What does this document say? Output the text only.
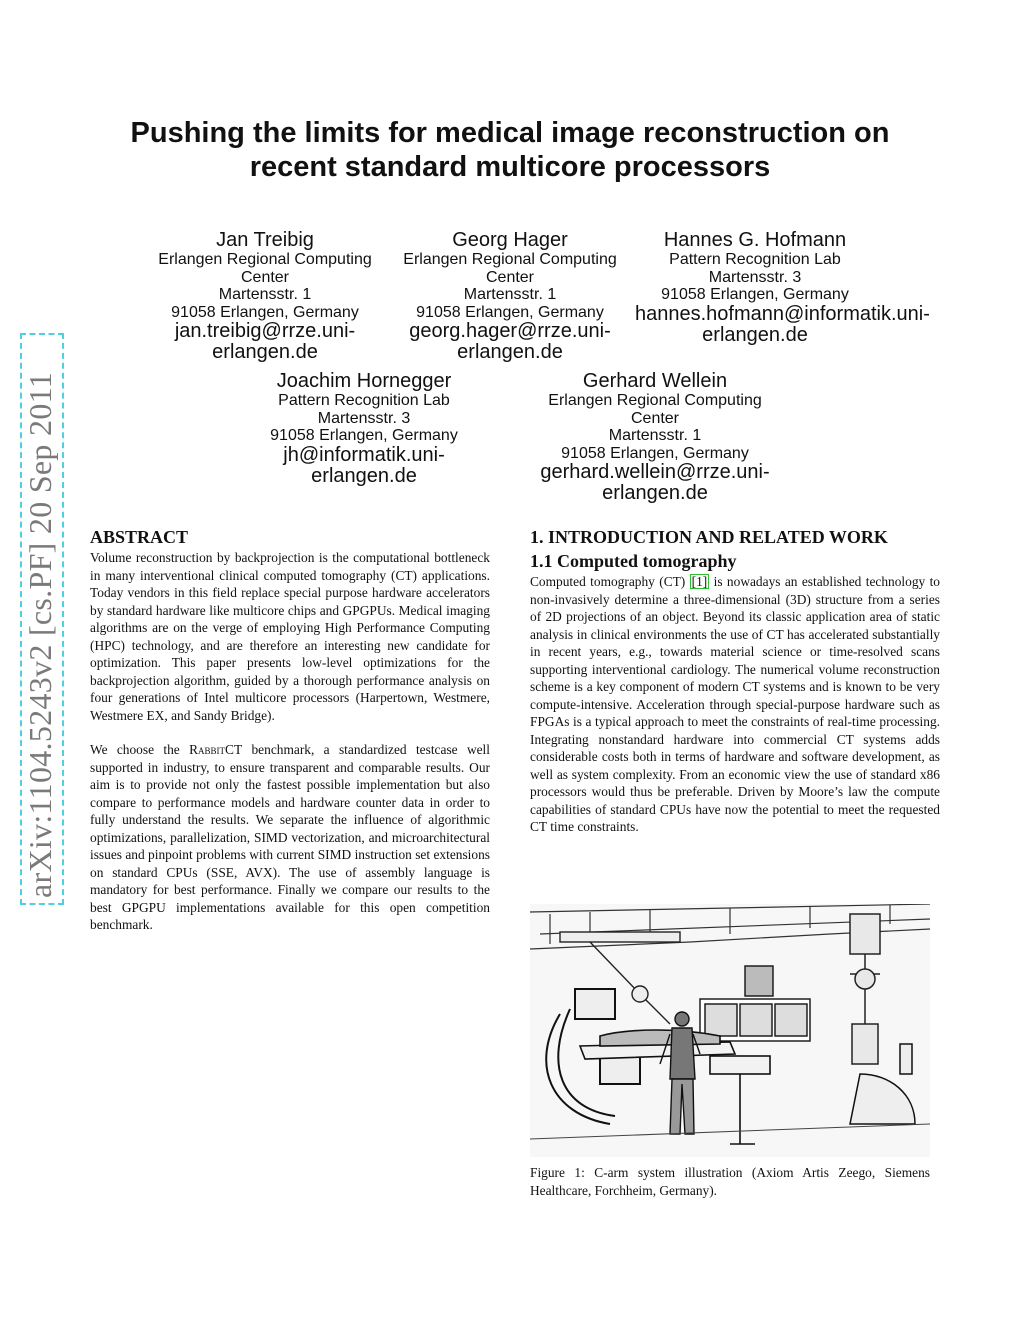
arXiv:1104.5243v2 [cs.PF] 20 Sep 2011
Pushing the limits for medical image reconstruction on
recent standard multicore processors
Jan Treibig
Erlangen Regional Computing
Center
Martensstr. 1
91058 Erlangen, Germany
jan.treibig@rrze.uni-
erlangen.de
Georg Hager
Erlangen Regional Computing
Center
Martensstr. 1
91058 Erlangen, Germany
georg.hager@rrze.uni-
erlangen.de
Hannes G. Hofmann
Pattern Recognition Lab
Martensstr. 3
91058 Erlangen, Germany
hannes.hofmann@informatik.uni-
erlangen.de
Joachim Hornegger
Pattern Recognition Lab
Martensstr. 3
91058 Erlangen, Germany
jh@informatik.uni-
erlangen.de
Gerhard Wellein
Erlangen Regional Computing
Center
Martensstr. 1
91058 Erlangen, Germany
gerhard.wellein@rrze.uni-
erlangen.de
ABSTRACT

Volume reconstruction by backprojection is the computational bottleneck in many interventional clinical computed tomography (CT) applications. Today vendors in this field replace special purpose hardware accelerators by standard hardware like multicore chips and GPGPUs. Medical imaging algorithms are on the verge of employing High Performance Computing (HPC) technology, and are therefore an interesting new candidate for optimization. This paper presents low-level optimizations for the backprojection algorithm, guided by a thorough performance analysis on four generations of Intel multicore processors (Harpertown, Westmere, Westmere EX, and Sandy Bridge).

We choose the RabbitCT benchmark, a standardized testcase well supported in industry, to ensure transparent and comparable results. Our aim is to provide not only the fastest possible implementation but also compare to performance models and hardware counter data in order to fully understand the results. We separate the influence of algorithmic optimizations, parallelization, SIMD vectorization, and microarchitectural issues and pinpoint problems with current SIMD instruction set extensions on standard CPUs (SSE, AVX). The use of assembly language is mandatory for best performance. Finally we compare our results to the best GPGPU implementations available for this open competition benchmark.

1. INTRODUCTION AND RELATED WORK
1.1 Computed tomography

Computed tomography (CT) [1] is nowadays an established technology to non-invasively determine a three-dimensional (3D) structure from a series of 2D projections of an object. Beyond its classic application area of static analysis in clinical environments the use of CT has accelerated substantially in recent years, e.g., towards material science or time-resolved scans supporting interventional cardiology. The numerical volume reconstruction scheme is a key component of modern CT systems and is known to be very compute-intensive. Acceleration through special-purpose hardware such as FPGAs is a typical approach to meet the constraints of real-time processing. Integrating nonstandard hardware into commercial CT systems adds considerable costs both in terms of hardware and software development, as well as system complexity. From an economic view the use of standard x86 processors would thus be preferable. Driven by Moore’s law the compute capabilities of standard CPUs have now the potential to meet the requested CT time constraints.

Figure 1: C-arm system illustration (Axiom Artis Zeego, Siemens Healthcare, Forchheim, Germany).
